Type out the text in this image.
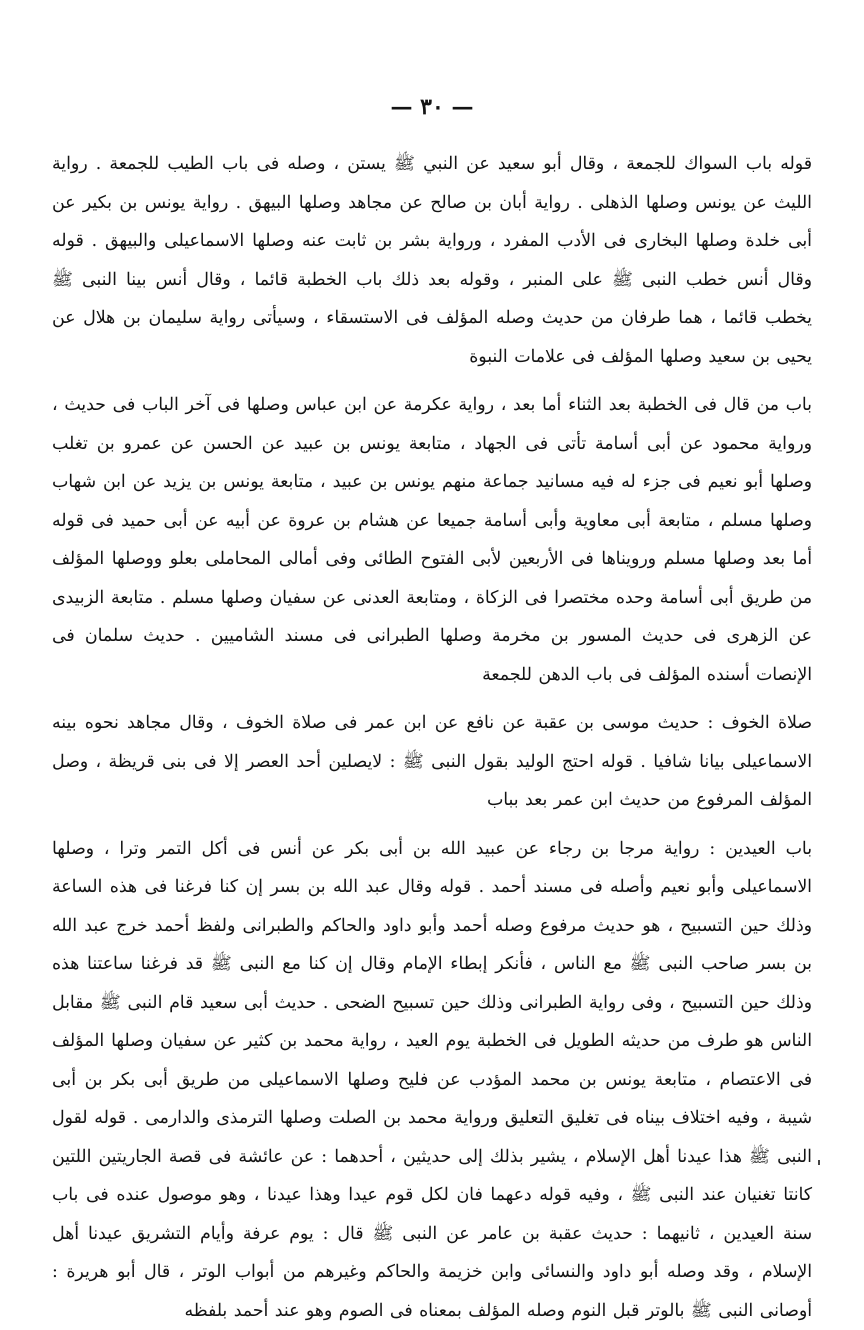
— ٣٠ —

قوله باب السواك للجمعة ، وقال أبو سعيد عن النبي ﷺ يستن ، وصله فى باب الطيب للجمعة . رواية الليث عن يونس وصلها الذهلى . رواية أبان بن صالح عن مجاهد وصلها البيهق . رواية يونس بن بكير عن أبى خلدة وصلها البخارى فى الأدب المفرد ، ورواية بشر بن ثابت عنه وصلها الاسماعيلى والبيهق . قوله وقال أنس خطب النبى ﷺ على المنبر ، وقوله بعد ذلك باب الخطبة قائما ، وقال أنس بينا النبى ﷺ يخطب قائما ، هما طرفان من حديث وصله المؤلف فى الاستسقاء ، وسيأتى رواية سليمان بن هلال عن يحيى بن سعيد وصلها المؤلف فى علامات النبوة

باب من قال فى الخطبة بعد الثناء أما بعد ، رواية عكرمة عن ابن عباس وصلها فى آخر الباب فى حديث ، ورواية محمود عن أبى أسامة تأتى فى الجهاد ، متابعة يونس بن عبيد عن الحسن عن عمرو بن تغلب وصلها أبو نعيم فى جزء له فيه مسانيد جماعة منهم يونس بن عبيد ، متابعة يونس بن يزيد عن ابن شهاب وصلها مسلم ، متابعة أبى معاوية وأبى أسامة جميعا عن هشام بن عروة عن أبيه عن أبى حميد فى قوله أما بعد وصلها مسلم ورويناها فى الأربعين لأبى الفتوح الطائى وفى أمالى المحاملى بعلو ووصلها المؤلف من طريق أبى أسامة وحده مختصرا فى الزكاة ، ومتابعة العدنى عن سفيان وصلها مسلم . متابعة الزبيدى عن الزهرى فى حديث المسور بن مخرمة وصلها الطبرانى فى مسند الشاميين . حديث سلمان فى الإنصات أسنده المؤلف فى باب الدهن للجمعة

صلاة الخوف : حديث موسى بن عقبة عن نافع عن ابن عمر فى صلاة الخوف ، وقال مجاهد نحوه بينه الاسماعيلى بيانا شافيا . قوله احتج الوليد بقول النبى ﷺ : لايصلين أحد العصر إلا فى بنى قريظة ، وصل المؤلف المرفوع من حديث ابن عمر بعد بباب

باب العيدين : رواية مرجا بن رجاء عن عبيد الله بن أبى بكر عن أنس فى أكل التمر وترا ، وصلها الاسماعيلى وأبو نعيم وأصله فى مسند أحمد . قوله وقال عبد الله بن بسر إن كنا فرغنا فى هذه الساعة وذلك حين التسبيح ، هو حديث مرفوع وصله أحمد وأبو داود والحاكم والطبرانى ولفظ أحمد خرج عبد الله بن بسر صاحب النبى ﷺ مع الناس ، فأنكر إبطاء الإمام وقال إن كنا مع النبى ﷺ قد فرغنا ساعتنا هذه وذلك حين التسبيح ، وفى رواية الطبرانى وذلك حين تسبيح الضحى . حديث أبى سعيد قام النبى ﷺ مقابل الناس هو طرف من حديثه الطويل فى الخطبة يوم العيد ، رواية محمد بن كثير عن سفيان وصلها المؤلف فى الاعتصام ، متابعة يونس بن محمد المؤدب عن فليح وصلها الاسماعيلى من طريق أبى بكر بن أبى شيبة ، وفيه اختلاف بيناه فى تغليق التعليق ورواية محمد بن الصلت وصلها الترمذى والدارمى . قوله لقول النبى ﷺ هذا عيدنا أهل الإسلام ، يشير بذلك إلى حديثين ، أحدهما : عن عائشة فى قصة الجاريتين اللتين كانتا تغنيان عند النبى ﷺ ، وفيه قوله دعهما فان لكل قوم عيدا وهذا عيدنا ، وهو موصول عنده فى باب سنة العيدين ، ثانيهما : حديث عقبة بن عامر عن النبى ﷺ قال : يوم عرفة وأيام التشريق عيدنا أهل الإسلام ، وقد وصله أبو داود والنسائى وابن خزيمة والحاكم وغيرهم من أبواب الوتر ، قال أبو هريرة : أوصانى النبى ﷺ بالوتر قبل النوم وصله المؤلف بمعناه فى الصوم وهو عند أحمد بلفظه
